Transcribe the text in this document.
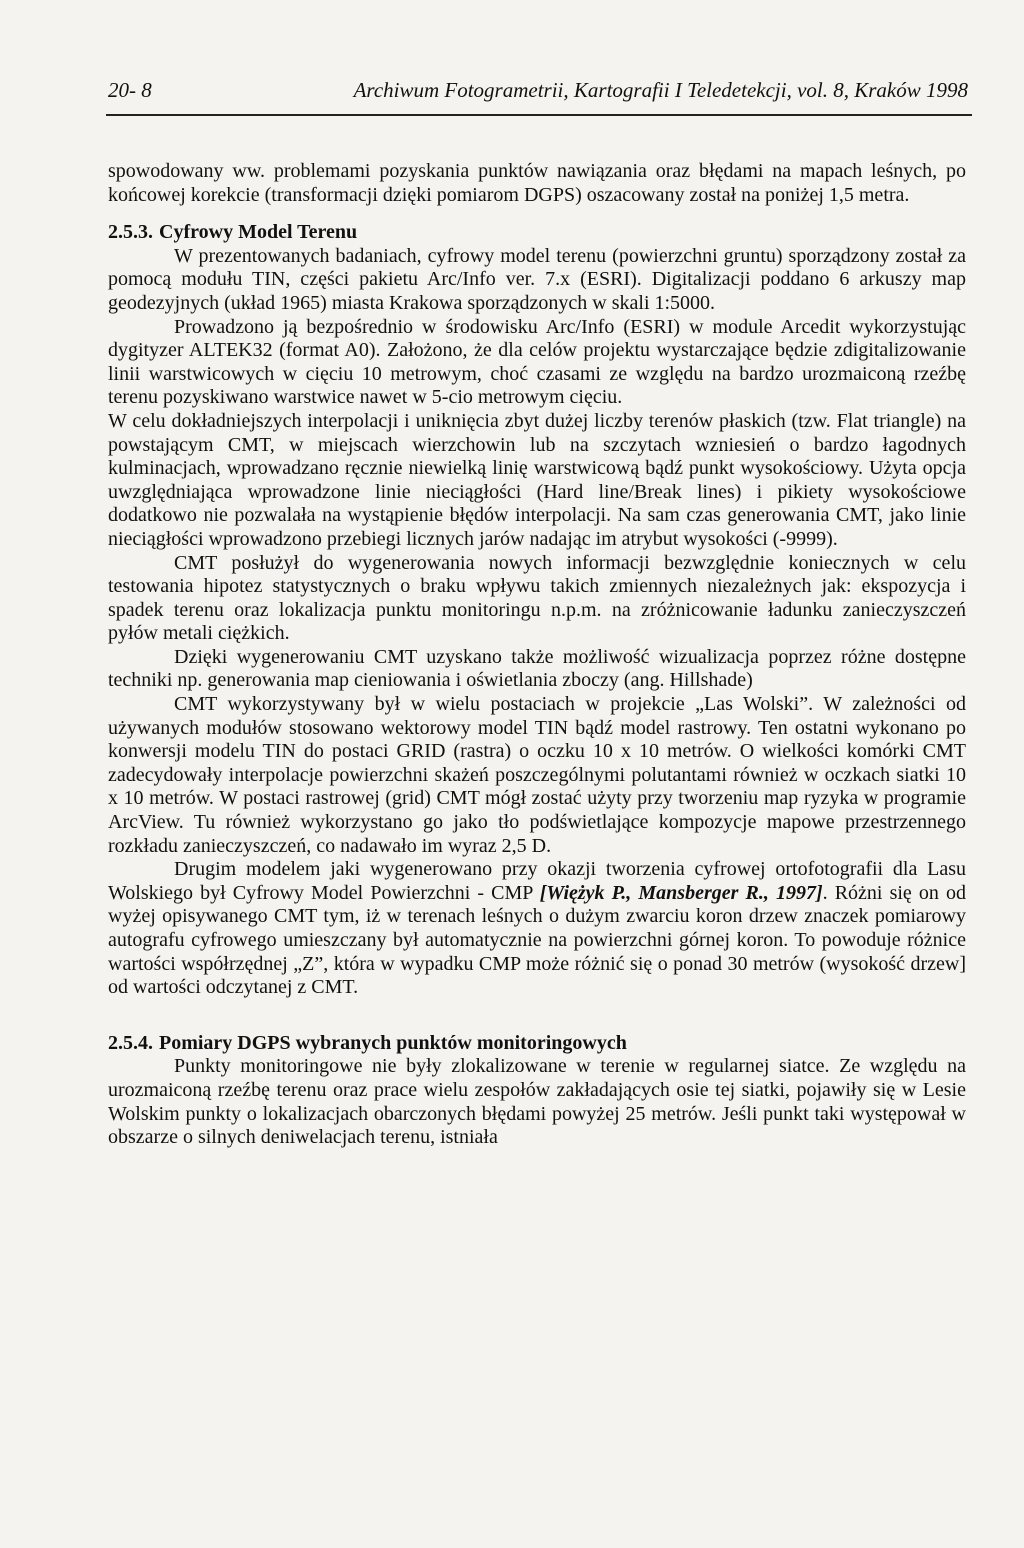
20- 8	Archiwum Fotogrametrii, Kartografii I Teledetekcji, vol. 8, Kraków 1998

spowodowany ww. problemami pozyskania punktów nawiązania oraz błędami na mapach leśnych, po końcowej korekcie (transformacji dzięki pomiarom DGPS) oszacowany został na poniżej 1,5 metra.

2.5.3. Cyfrowy Model Terenu

W prezentowanych badaniach, cyfrowy model terenu (powierzchni gruntu) sporządzony został za pomocą modułu TIN, części pakietu Arc/Info ver. 7.x (ESRI). Digitalizacji poddano 6 arkuszy map geodezyjnych (układ 1965) miasta Krakowa sporządzonych w skali 1:5000.

Prowadzono ją bezpośrednio w środowisku Arc/Info (ESRI) w module Arcedit wykorzystując dygityzer ALTEK32 (format A0). Założono, że dla celów projektu wystarczające będzie zdigitalizowanie linii warstwicowych w cięciu 10 metrowym, choć czasami ze względu na bardzo urozmaiconą rzeźbę terenu pozyskiwano warstwice nawet w 5-cio metrowym cięciu.

W celu dokładniejszych interpolacji i uniknięcia zbyt dużej liczby terenów płaskich (tzw. Flat triangle) na powstającym CMT, w miejscach wierzchowin lub na szczytach wzniesień o bardzo łagodnych kulminacjach, wprowadzano ręcznie niewielką linię warstwicową bądź punkt wysokościowy. Użyta opcja uwzględniająca wprowadzone linie nieciągłości (Hard line/Break lines) i pikiety wysokościowe dodatkowo nie pozwalała na wystąpienie błędów interpolacji. Na sam czas generowania CMT, jako linie nieciągłości wprowadzono przebiegi licznych jarów nadając im atrybut wysokości (-9999).

CMT posłużył do wygenerowania nowych informacji bezwzględnie koniecznych w celu testowania hipotez statystycznych o braku wpływu takich zmiennych niezależnych jak: ekspozycja i spadek terenu oraz lokalizacja punktu monitoringu n.p.m. na zróżnicowanie ładunku zanieczyszczeń pyłów metali ciężkich.

Dzięki wygenerowaniu CMT uzyskano także możliwość wizualizacja poprzez różne dostępne techniki np. generowania map cieniowania i oświetlania zboczy (ang. Hillshade)

CMT wykorzystywany był w wielu postaciach w projekcie „Las Wolski”. W zależności od używanych modułów stosowano wektorowy model TIN bądź model rastrowy. Ten ostatni wykonano po konwersji modelu TIN do postaci GRID (rastra) o oczku 10 x 10 metrów. O wielkości komórki CMT zadecydowały interpolacje powierzchni skażeń poszczególnymi polutantami również w oczkach siatki 10 x 10 metrów. W postaci rastrowej (grid) CMT mógł zostać użyty przy tworzeniu map ryzyka w programie ArcView. Tu również wykorzystano go jako tło podświetlające kompozycje mapowe przestrzennego rozkładu zanieczyszczeń, co nadawało im wyraz 2,5 D.

Drugim modelem jaki wygenerowano przy okazji tworzenia cyfrowej ortofotografii dla Lasu Wolskiego był Cyfrowy Model Powierzchni - CMP [Więżyk P., Mansberger R., 1997]. Różni się on od wyżej opisywanego CMT tym, iż w terenach leśnych o dużym zwarciu koron drzew znaczek pomiarowy autografu cyfrowego umieszczany był automatycznie na powierzchni górnej koron. To powoduje różnice wartości współrzędnej „Z”, która w wypadku CMP może różnić się o ponad 30 metrów (wysokość drzew] od wartości odczytanej z CMT.

2.5.4. Pomiary DGPS wybranych punktów monitoringowych

Punkty monitoringowe nie były zlokalizowane w terenie w regularnej siatce. Ze względu na urozmaiconą rzeźbę terenu oraz prace wielu zespołów zakładających osie tej siatki, pojawiły się w Lesie Wolskim punkty o lokalizacjach obarczonych błędami powyżej 25 metrów. Jeśli punkt taki występował w obszarze o silnych deniwelacjach terenu, istniała
